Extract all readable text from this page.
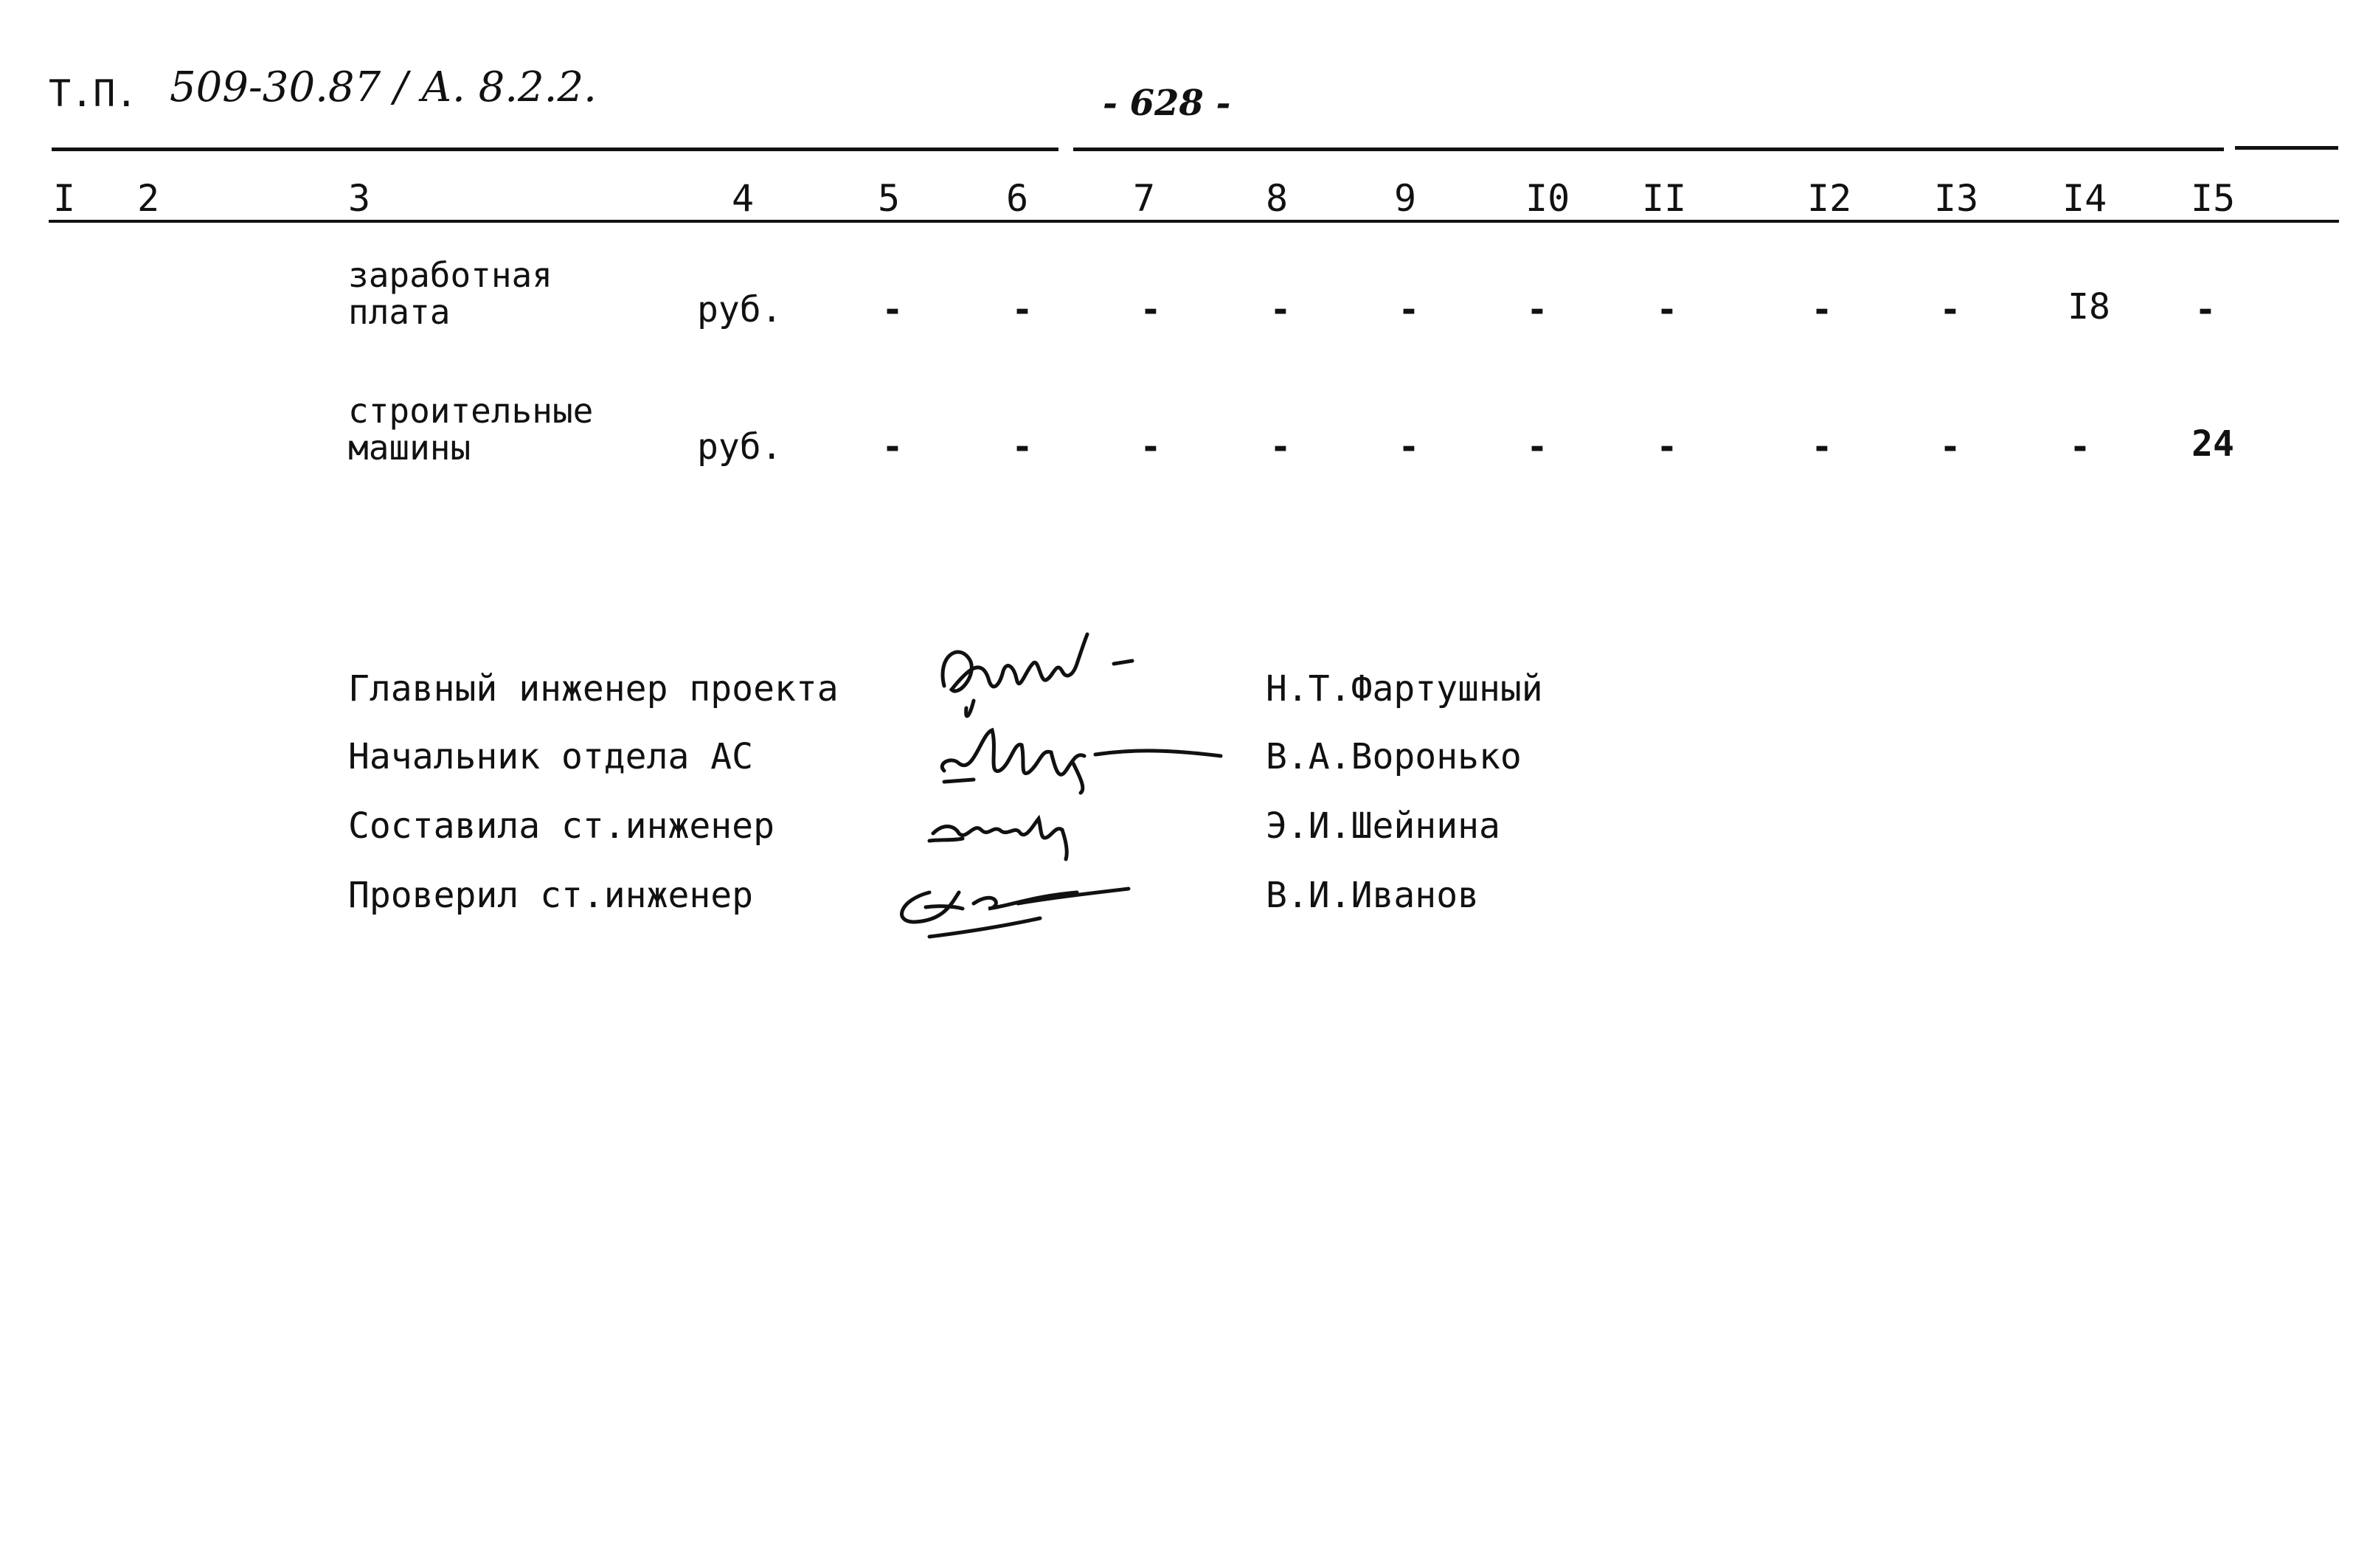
Т.П. 509-30.87 / А. 8.2.2.	- 628 -
I 2	3	4	5	6	7	8	9	I0 II	I2 I3 I4 I5
заработная
плата	руб.	-	-	-	-	-	-	-	-	-	I8	-
строительные
машины	руб.	-	-	-	-	-	-	-	-	-	-	24
Главный инженер проекта	Н.Т.Фартушный
Начальник отдела АС	В.А.Воронько
Составила ст.инженер	Э.И.Шейнина
Проверил ст.инженер	В.И.Иванов
